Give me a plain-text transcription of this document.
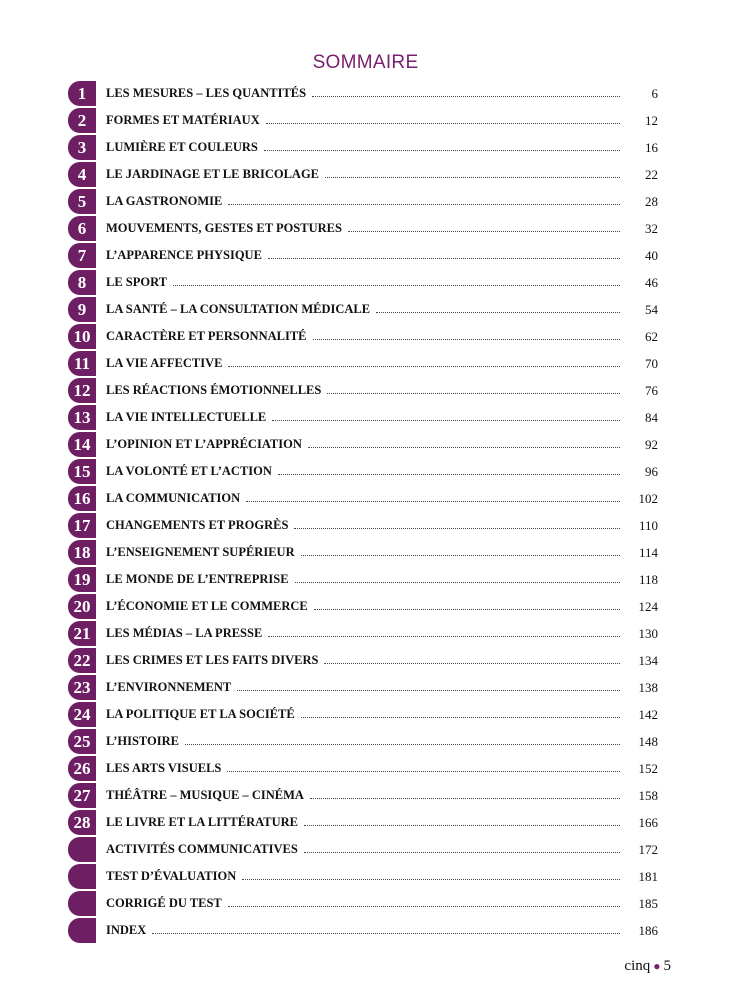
SOMMAIRE
1	LES MESURES – LES QUANTITÉS	6
2	FORMES ET MATÉRIAUX	12
3	LUMIÈRE ET COULEURS	16
4	LE JARDINAGE ET LE BRICOLAGE	22
5	LA GASTRONOMIE	28
6	MOUVEMENTS, GESTES ET POSTURES	32
7	L’APPARENCE PHYSIQUE	40
8	LE SPORT	46
9	LA SANTÉ – LA CONSULTATION MÉDICALE	54
10	CARACTÈRE ET PERSONNALITÉ	62
11	LA VIE AFFECTIVE	70
12	LES RÉACTIONS ÉMOTIONNELLES	76
13	LA VIE INTELLECTUELLE	84
14	L’OPINION ET L’APPRÉCIATION	92
15	LA VOLONTÉ ET L’ACTION	96
16	LA COMMUNICATION	102
17	CHANGEMENTS ET PROGRÈS	110
18	L’ENSEIGNEMENT SUPÉRIEUR	114
19	LE MONDE DE L’ENTREPRISE	118
20	L’ÉCONOMIE ET LE COMMERCE	124
21	LES MÉDIAS – LA PRESSE	130
22	LES CRIMES ET LES FAITS DIVERS	134
23	L’ENVIRONNEMENT	138
24	LA POLITIQUE ET LA SOCIÉTÉ	142
25	L’HISTOIRE	148
26	LES ARTS VISUELS	152
27	THÉÂTRE – MUSIQUE – CINÉMA	158
28	LE LIVRE ET LA LITTÉRATURE	166
ACTIVITÉS COMMUNICATIVES	172
TEST D’ÉVALUATION	181
CORRIGÉ DU TEST	185
INDEX	186
cinq ● 5
